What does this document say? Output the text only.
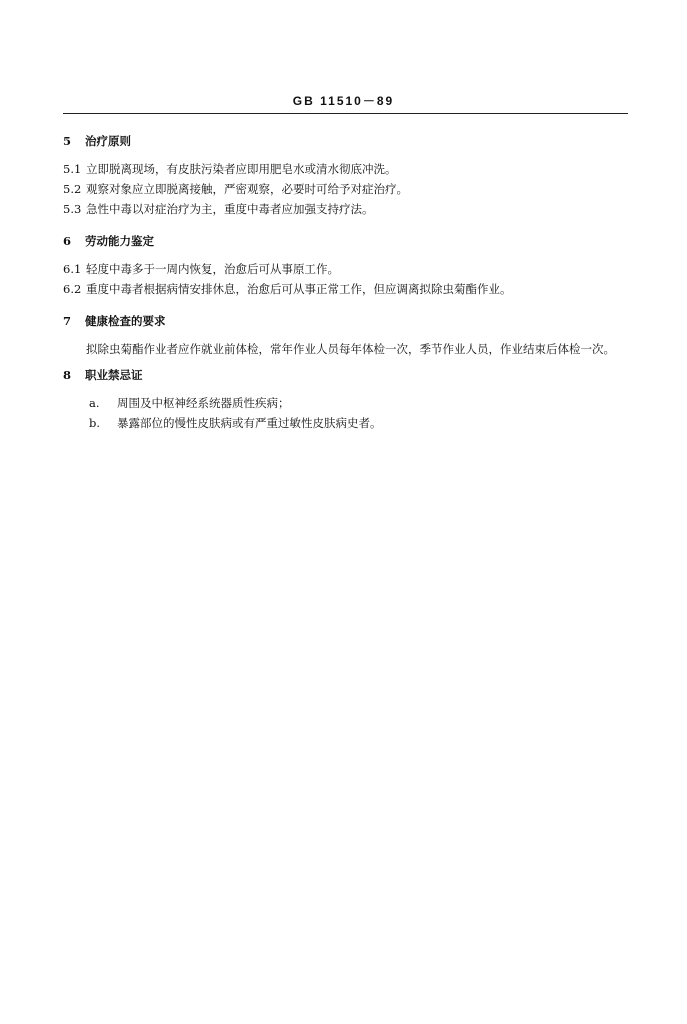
GB 11510－89
5 治疗原则
5.1 立即脱离现场，有皮肤污染者应即用肥皂水或清水彻底冲洗。
5.2 观察对象应立即脱离接触，严密观察，必要时可给予对症治疗。
5.3 急性中毒以对症治疗为主，重度中毒者应加强支持疗法。
6 劳动能力鉴定
6.1 轻度中毒多于一周内恢复，治愈后可从事原工作。
6.2 重度中毒者根据病情安排休息，治愈后可从事正常工作，但应调离拟除虫菊酯作业。
7 健康检查的要求
拟除虫菊酯作业者应作就业前体检，常年作业人员每年体检一次，季节作业人员，作业结束后体检一次。
8 职业禁忌证
a. 周围及中枢神经系统器质性疾病；
b. 暴露部位的慢性皮肤病或有严重过敏性皮肤病史者。
